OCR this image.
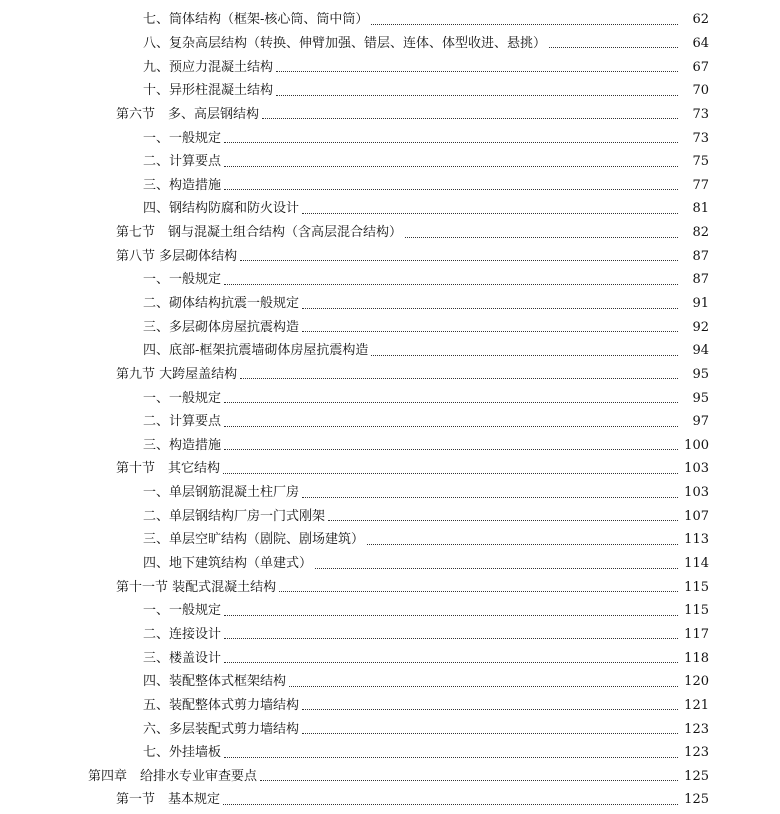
七、筒体结构（框架-核心筒、筒中筒）	62
八、复杂高层结构（转换、伸臂加强、错层、连体、体型收进、悬挑）	64
九、预应力混凝土结构	67
十、异形柱混凝土结构	70
第六节　多、高层钢结构	73
一、一般规定	73
二、计算要点	75
三、构造措施	77
四、钢结构防腐和防火设计	81
第七节　钢与混凝土组合结构（含高层混合结构）	82
第八节 多层砌体结构	87
一、一般规定	87
二、砌体结构抗震一般规定	91
三、多层砌体房屋抗震构造	92
四、底部-框架抗震墙砌体房屋抗震构造	94
第九节 大跨屋盖结构	95
一、一般规定	95
二、计算要点	97
三、构造措施	100
第十节　其它结构	103
一、单层钢筋混凝土柱厂房	103
二、单层钢结构厂房一门式刚架	107
三、单层空旷结构（剧院、剧场建筑）	113
四、地下建筑结构（单建式）	114
第十一节 装配式混凝土结构	115
一、一般规定	115
二、连接设计	117
三、楼盖设计	118
四、装配整体式框架结构	120
五、装配整体式剪力墙结构	121
六、多层装配式剪力墙结构	123
七、外挂墙板	123
第四章　给排水专业审查要点	125
第一节　基本规定	125
